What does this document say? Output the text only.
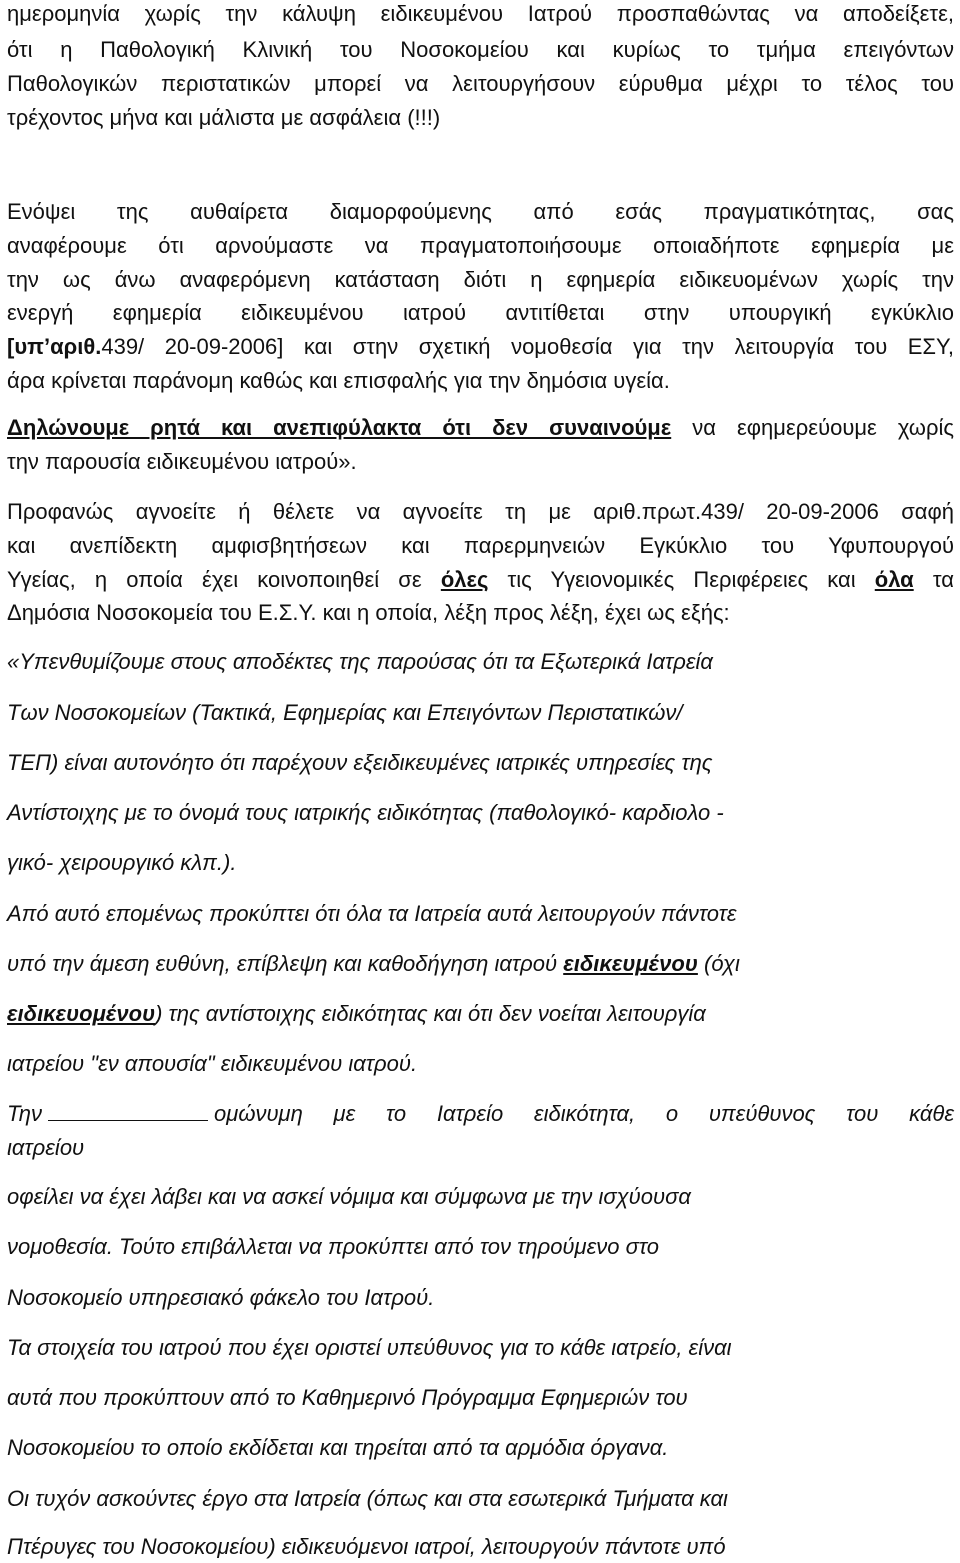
ημερομηνία χωρίς την κάλυψη ειδικευμένου Ιατρού προσπαθώντας να αποδείξετε,
ότι η Παθολογική Κλινική του Νοσοκομείου και κυρίως το τμήμα επειγόντων
Παθολογικών περιστατικών μπορεί να λειτουργήσουν εύρυθμα μέχρι το τέλος του
τρέχοντος μήνα και μάλιστα με ασφάλεια (!!!)
Ενόψει της αυθαίρετα διαμορφούμενης από εσάς πραγματικότητας, σας
αναφέρουμε ότι αρνούμαστε να πραγματοποιήσουμε οποιαδήποτε εφημερία με
την ως άνω αναφερόμενη κατάσταση διότι η εφημερία ειδικευομένων χωρίς την
ενεργή εφημερία ειδικευμένου ιατρού αντιτίθεται στην υπουργική εγκύκλιο
[υπ’αριθ.439/ 20-09-2006] και στην σχετική νομοθεσία για την λειτουργία του ΕΣΥ,
άρα κρίνεται παράνομη καθώς και επισφαλής για την δημόσια υγεία.
Δηλώνουμε ρητά και ανεπιφύλακτα ότι δεν συναινούμε να εφημερεύουμε χωρίς
την παρουσία ειδικευμένου ιατρού».
Προφανώς αγνοείτε ή θέλετε να αγνοείτε τη με αριθ.πρωτ.439/ 20-09-2006 σαφή
και ανεπίδεκτη αμφισβητήσεων και παρερμηνειών Εγκύκλιο του Υφυπουργού
Υγείας, η οποία έχει κοινοποιηθεί σε όλες τις Υγειονομικές Περιφέρειες και όλα τα
Δημόσια Νοσοκομεία του Ε.Σ.Υ. και η οποία, λέξη προς λέξη, έχει ως εξής:
«Υπενθυμίζουμε στους αποδέκτες της παρούσας ότι τα Εξωτερικά Ιατρεία
Των Νοσοκομείων (Τακτικά, Εφημερίας και Επειγόντων Περιστατικών/
ΤΕΠ) είναι αυτονόητο ότι παρέχουν εξειδικευμένες ιατρικές υπηρεσίες της
Αντίστοιχης με το όνομά τους ιατρικής ειδικότητας (παθολογικό- καρδιολο -
γικό- χειρουργικό κλπ.).
Από αυτό επομένως προκύπτει ότι όλα τα Ιατρεία αυτά λειτουργούν πάντοτε
υπό την άμεση ευθύνη, επίβλεψη και καθοδήγηση ιατρού ειδικευμένου (όχι
ειδικευομένου) της αντίστοιχης ειδικότητας και ότι δεν νοείται λειτουργία
ιατρείου "εν απουσία" ειδικευμένου ιατρού.
Την	ομώνυμη με το Ιατρείο ειδικότητα, ο υπεύθυνος του κάθε
ιατρείου
οφείλει να έχει λάβει και να ασκεί νόμιμα και σύμφωνα με την ισχύουσα
νομοθεσία. Τούτο επιβάλλεται να προκύπτει από τον τηρούμενο στο
Νοσοκομείο υπηρεσιακό φάκελο του Ιατρού.
Τα στοιχεία του ιατρού που έχει οριστεί υπεύθυνος για το κάθε ιατρείο, είναι
αυτά που προκύπτουν από το Καθημερινό Πρόγραμμα Εφημεριών του
Νοσοκομείου το οποίο εκδίδεται και τηρείται από τα αρμόδια όργανα.
Οι τυχόν ασκούντες έργο στα Ιατρεία (όπως και στα εσωτερικά Τμήματα και
Πτέρυγες του Νοσοκομείου) ειδικευόμενοι ιατροί, λειτουργούν πάντοτε υπό
